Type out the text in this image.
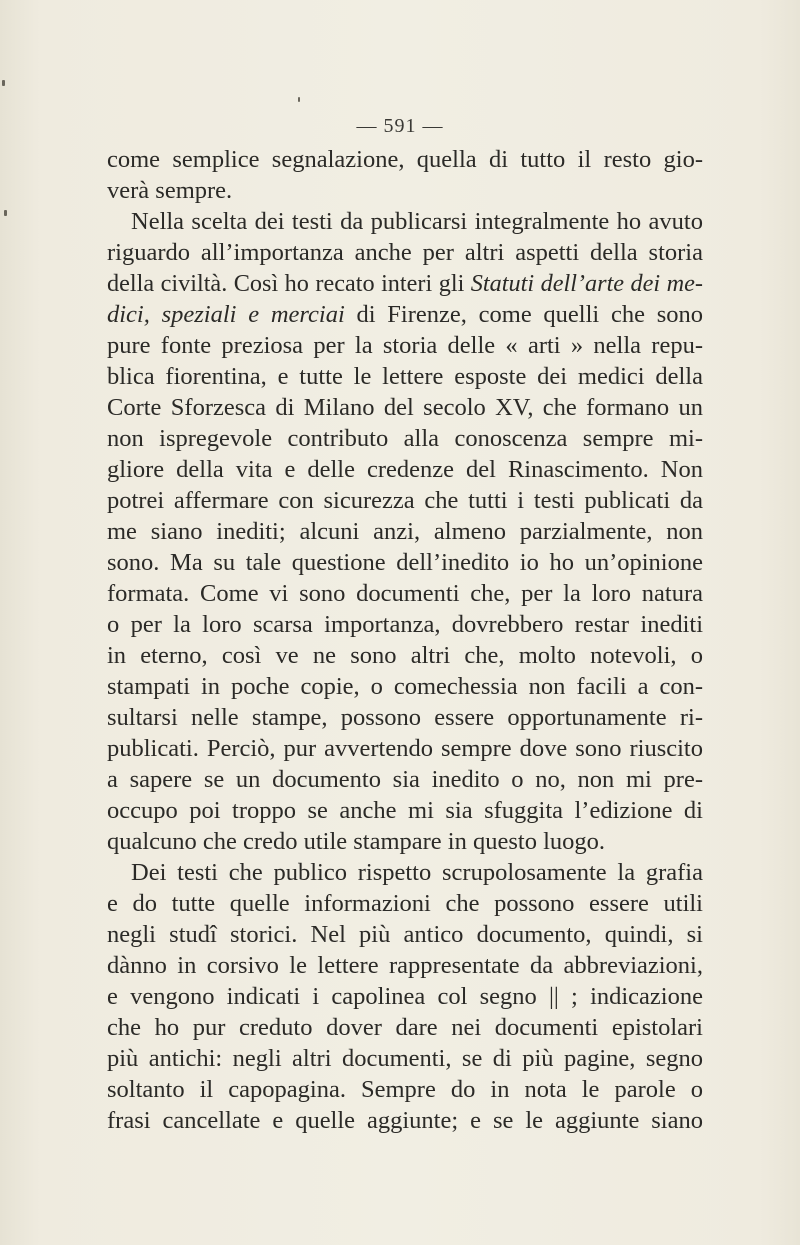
— 591 —
come semplice segnalazione, quella di tutto il resto gio-
verà sempre.
Nella scelta dei testi da publicarsi integralmente ho avuto
riguardo all’importanza anche per altri aspetti della storia
della civiltà. Così ho recato interi gli Statuti dell’arte dei me-
dici, speziali e merciai di Firenze, come quelli che sono
pure fonte preziosa per la storia delle « arti » nella repu-
blica fiorentina, e tutte le lettere esposte dei medici della
Corte Sforzesca di Milano del secolo XV, che formano un
non ispregevole contributo alla conoscenza sempre mi-
gliore della vita e delle credenze del Rinascimento. Non
potrei affermare con sicurezza che tutti i testi publicati da
me siano inediti; alcuni anzi, almeno parzialmente, non
sono. Ma su tale questione dell’inedito io ho un’opinione
formata. Come vi sono documenti che, per la loro natura
o per la loro scarsa importanza, dovrebbero restar inediti
in eterno, così ve ne sono altri che, molto notevoli, o
stampati in poche copie, o comechessia non facili a con-
sultarsi nelle stampe, possono essere opportunamente ri-
publicati. Perciò, pur avvertendo sempre dove sono riuscito
a sapere se un documento sia inedito o no, non mi pre-
occupo poi troppo se anche mi sia sfuggita l’edizione di
qualcuno che credo utile stampare in questo luogo.
Dei testi che publico rispetto scrupolosamente la grafia
e do tutte quelle informazioni che possono essere utili
negli studî storici. Nel più antico documento, quindi, si
dànno in corsivo le lettere rappresentate da abbreviazioni,
e vengono indicati i capolinea col segno || ; indicazione
che ho pur creduto dover dare nei documenti epistolari
più antichi: negli altri documenti, se di più pagine, segno
soltanto il capopagina. Sempre do in nota le parole o
frasi cancellate e quelle aggiunte; e se le aggiunte siano
